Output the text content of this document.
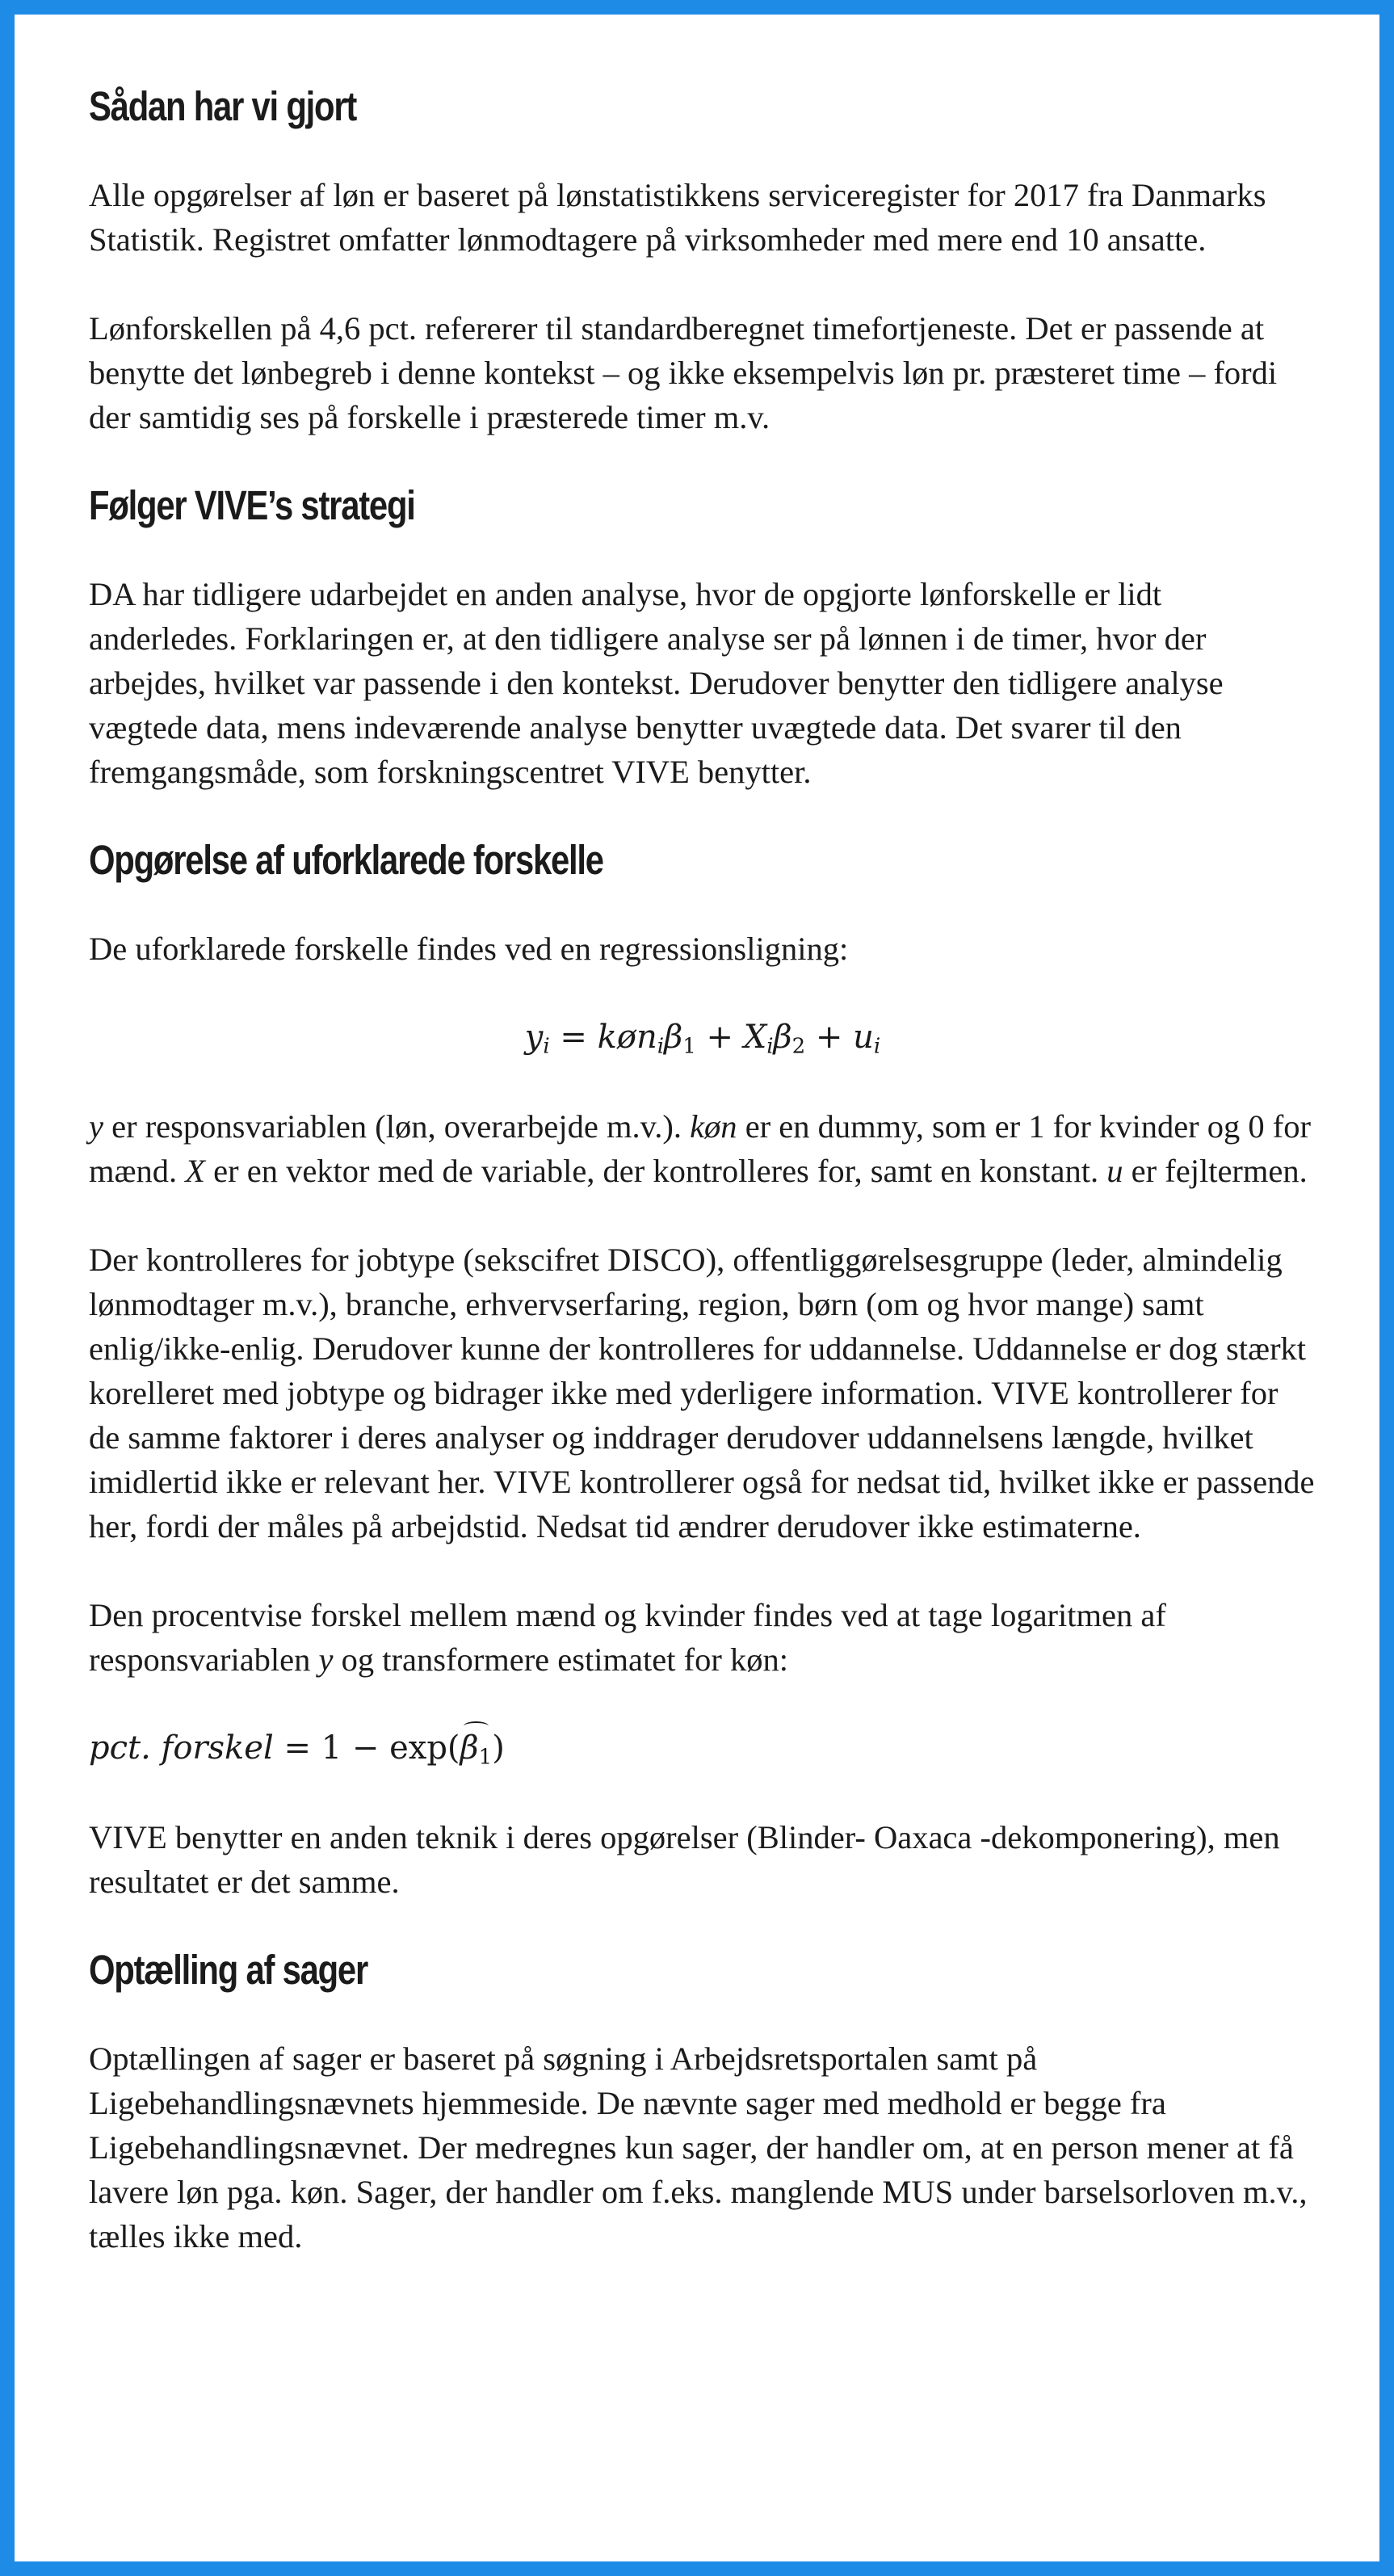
Sådan har vi gjort

Alle opgørelser af løn er baseret på lønstatistikkens serviceregister for 2017 fra Danmarks Statistik. Registret omfatter lønmodtagere på virksomheder med mere end 10 ansatte.

Lønforskellen på 4,6 pct. refererer til standardberegnet timefortjeneste. Det er passende at benytte det lønbegreb i denne kontekst – og ikke eksempelvis løn pr. præsteret time – fordi der samtidig ses på forskelle i præsterede timer m.v.

Følger VIVE’s strategi

DA har tidligere udarbejdet en anden analyse, hvor de opgjorte lønforskelle er lidt anderledes. Forklaringen er, at den tidligere analyse ser på lønnen i de timer, hvor der arbejdes, hvilket var passende i den kontekst. Derudover benytter den tidligere analyse vægtede data, mens indeværende analyse benytter uvægtede data. Det svarer til den fremgangsmåde, som forskningscentret VIVE benytter.

Opgørelse af uforklarede forskelle

De uforklarede forskelle findes ved en regressionsligning:

$y_i$ = $køn_i\beta_1 + X_i\beta_2 + u_i$

y er responsvariablen (løn, overarbejde m.v.). køn er en dummy, som er 1 for kvinder og 0 for mænd. X er en vektor med de variable, der kontrolleres for, samt en konstant. u er fejltermen.

Der kontrolleres for jobtype (sekscifret DISCO), offentliggørelsesgruppe (leder, almindelig lønmodtager m.v.), branche, erhvervserfaring, region, børn (om og hvor mange) samt enlig/ikke-enlig. Derudover kunne der kontrolleres for uddannelse. Uddannelse er dog stærkt korelleret med jobtype og bidrager ikke med yderligere information. VIVE kontrollerer for de samme faktorer i deres analyser og inddrager derudover uddannelsens længde, hvilket imidlertid ikke er relevant her. VIVE kontrollerer også for nedsat tid, hvilket ikke er passende her, fordi der måles på arbejdstid. Nedsat tid ændrer derudover ikke estimaterne.

Den procentvise forskel mellem mænd og kvinder findes ved at tage logaritmen af responsvariablen y og transformere estimatet for køn:

pct. forskel = $1 - \exp(\beta_1)$

VIVE benytter en anden teknik i deres opgørelser (Blinder- Oaxaca -dekomponering), men resultatet er det samme.

Optælling af sager

Optællingen af sager er baseret på søgning i Arbejdsretsportalen samt på Ligebehandlingsnævnets hjemmeside. De nævnte sager med medhold er begge fra Ligebehandlingsnævnet. Der medregnes kun sager, der handler om, at en person mener at få lavere løn pga. køn. Sager, der handler om f.eks. manglende MUS under barselsorloven m.v., tælles ikke med.
